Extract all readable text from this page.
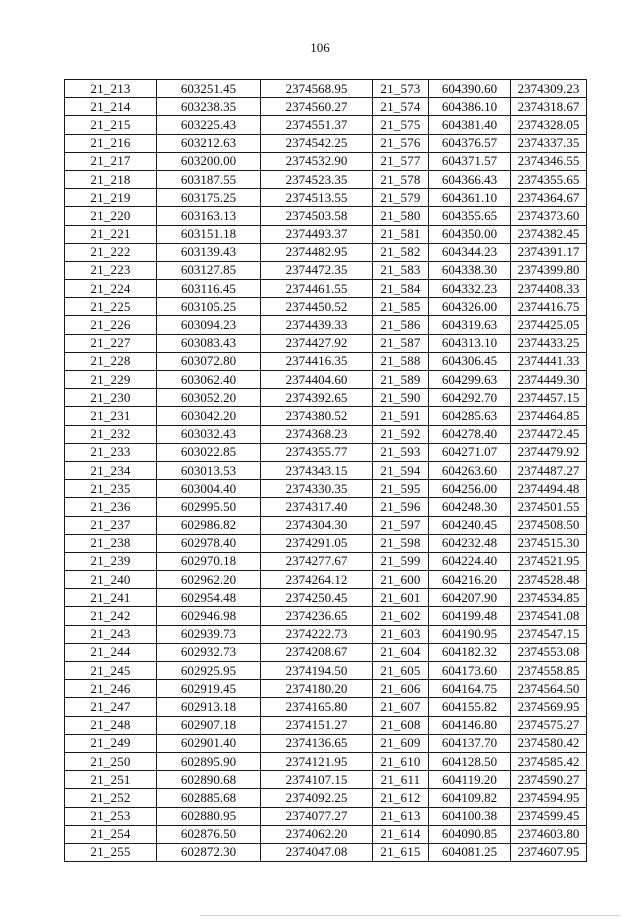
106
21_213	603251.45	2374568.95	21_573	604390.60	2374309.23
21_214	603238.35	2374560.27	21_574	604386.10	2374318.67
21_215	603225.43	2374551.37	21_575	604381.40	2374328.05
21_216	603212.63	2374542.25	21_576	604376.57	2374337.35
21_217	603200.00	2374532.90	21_577	604371.57	2374346.55
21_218	603187.55	2374523.35	21_578	604366.43	2374355.65
21_219	603175.25	2374513.55	21_579	604361.10	2374364.67
21_220	603163.13	2374503.58	21_580	604355.65	2374373.60
21_221	603151.18	2374493.37	21_581	604350.00	2374382.45
21_222	603139.43	2374482.95	21_582	604344.23	2374391.17
21_223	603127.85	2374472.35	21_583	604338.30	2374399.80
21_224	603116.45	2374461.55	21_584	604332.23	2374408.33
21_225	603105.25	2374450.52	21_585	604326.00	2374416.75
21_226	603094.23	2374439.33	21_586	604319.63	2374425.05
21_227	603083.43	2374427.92	21_587	604313.10	2374433.25
21_228	603072.80	2374416.35	21_588	604306.45	2374441.33
21_229	603062.40	2374404.60	21_589	604299.63	2374449.30
21_230	603052.20	2374392.65	21_590	604292.70	2374457.15
21_231	603042.20	2374380.52	21_591	604285.63	2374464.85
21_232	603032.43	2374368.23	21_592	604278.40	2374472.45
21_233	603022.85	2374355.77	21_593	604271.07	2374479.92
21_234	603013.53	2374343.15	21_594	604263.60	2374487.27
21_235	603004.40	2374330.35	21_595	604256.00	2374494.48
21_236	602995.50	2374317.40	21_596	604248.30	2374501.55
21_237	602986.82	2374304.30	21_597	604240.45	2374508.50
21_238	602978.40	2374291.05	21_598	604232.48	2374515.30
21_239	602970.18	2374277.67	21_599	604224.40	2374521.95
21_240	602962.20	2374264.12	21_600	604216.20	2374528.48
21_241	602954.48	2374250.45	21_601	604207.90	2374534.85
21_242	602946.98	2374236.65	21_602	604199.48	2374541.08
21_243	602939.73	2374222.73	21_603	604190.95	2374547.15
21_244	602932.73	2374208.67	21_604	604182.32	2374553.08
21_245	602925.95	2374194.50	21_605	604173.60	2374558.85
21_246	602919.45	2374180.20	21_606	604164.75	2374564.50
21_247	602913.18	2374165.80	21_607	604155.82	2374569.95
21_248	602907.18	2374151.27	21_608	604146.80	2374575.27
21_249	602901.40	2374136.65	21_609	604137.70	2374580.42
21_250	602895.90	2374121.95	21_610	604128.50	2374585.42
21_251	602890.68	2374107.15	21_611	604119.20	2374590.27
21_252	602885.68	2374092.25	21_612	604109.82	2374594.95
21_253	602880.95	2374077.27	21_613	604100.38	2374599.45
21_254	602876.50	2374062.20	21_614	604090.85	2374603.80
21_255	602872.30	2374047.08	21_615	604081.25	2374607.95
